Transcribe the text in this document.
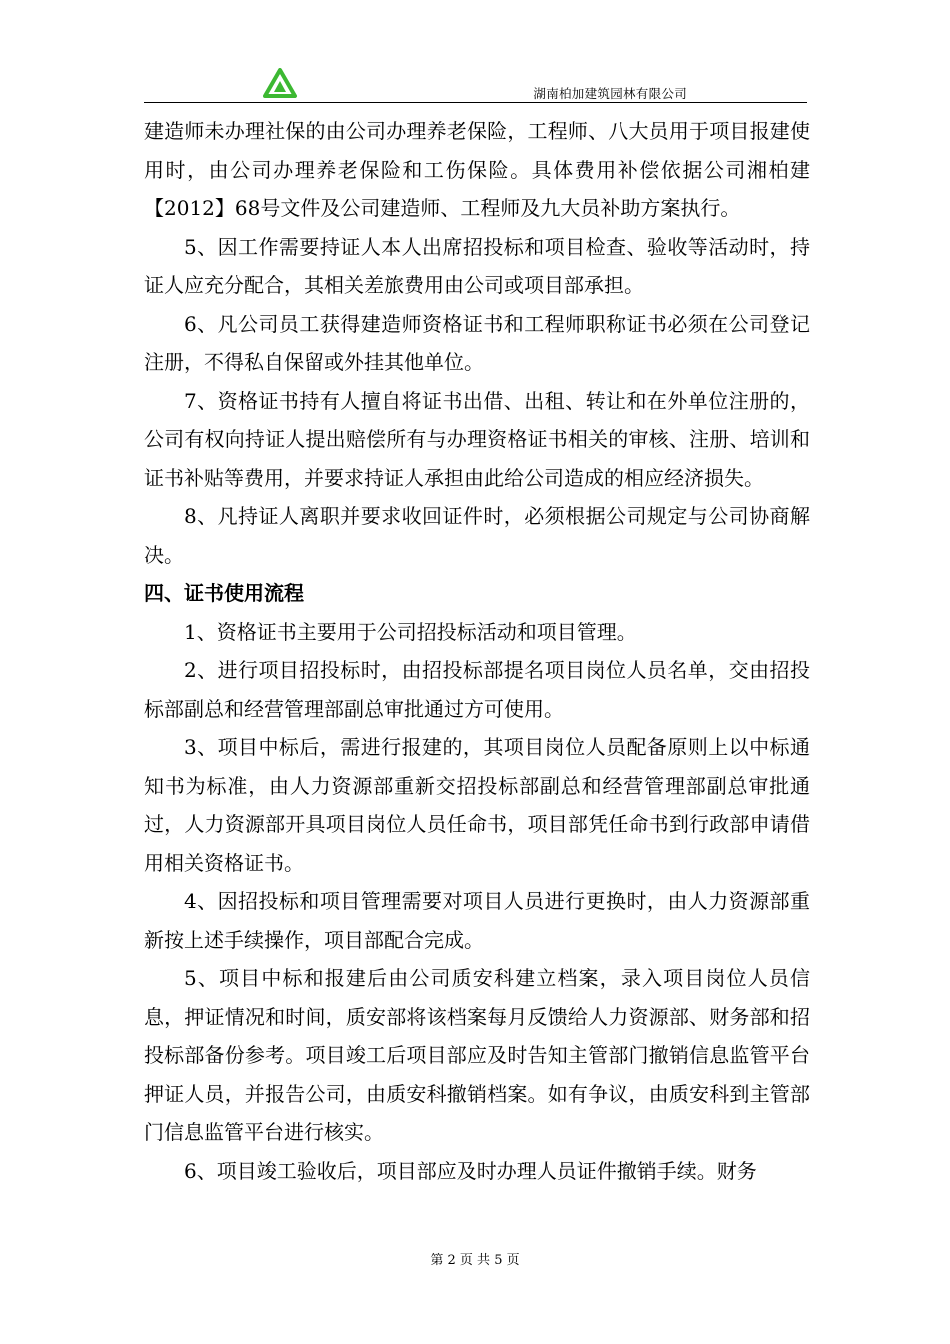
湖南柏加建筑园林有限公司

建造师未办理社保的由公司办理养老保险，工程师、八大员用于项目报建使用时，由公司办理养老保险和工伤保险。具体费用补偿依据公司湘柏建【2012】68号文件及公司建造师、工程师及九大员补助方案执行。

5、因工作需要持证人本人出席招投标和项目检查、验收等活动时，持证人应充分配合，其相关差旅费用由公司或项目部承担。

6、凡公司员工获得建造师资格证书和工程师职称证书必须在公司登记注册，不得私自保留或外挂其他单位。

7、资格证书持有人擅自将证书出借、出租、转让和在外单位注册的，公司有权向持证人提出赔偿所有与办理资格证书相关的审核、注册、培训和证书补贴等费用，并要求持证人承担由此给公司造成的相应经济损失。

8、凡持证人离职并要求收回证件时，必须根据公司规定与公司协商解决。

四、证书使用流程

1、资格证书主要用于公司招投标活动和项目管理。

2、进行项目招投标时，由招投标部提名项目岗位人员名单，交由招投标部副总和经营管理部副总审批通过方可使用。

3、项目中标后，需进行报建的，其项目岗位人员配备原则上以中标通知书为标准，由人力资源部重新交招投标部副总和经营管理部副总审批通过，人力资源部开具项目岗位人员任命书，项目部凭任命书到行政部申请借用相关资格证书。

4、因招投标和项目管理需要对项目人员进行更换时，由人力资源部重新按上述手续操作，项目部配合完成。

5、项目中标和报建后由公司质安科建立档案，录入项目岗位人员信息，押证情况和时间，质安部将该档案每月反馈给人力资源部、财务部和招投标部备份参考。项目竣工后项目部应及时告知主管部门撤销信息监管平台押证人员，并报告公司，由质安科撤销档案。如有争议，由质安科到主管部门信息监管平台进行核实。

6、项目竣工验收后，项目部应及时办理人员证件撤销手续。财务

第 2 页 共 5 页
